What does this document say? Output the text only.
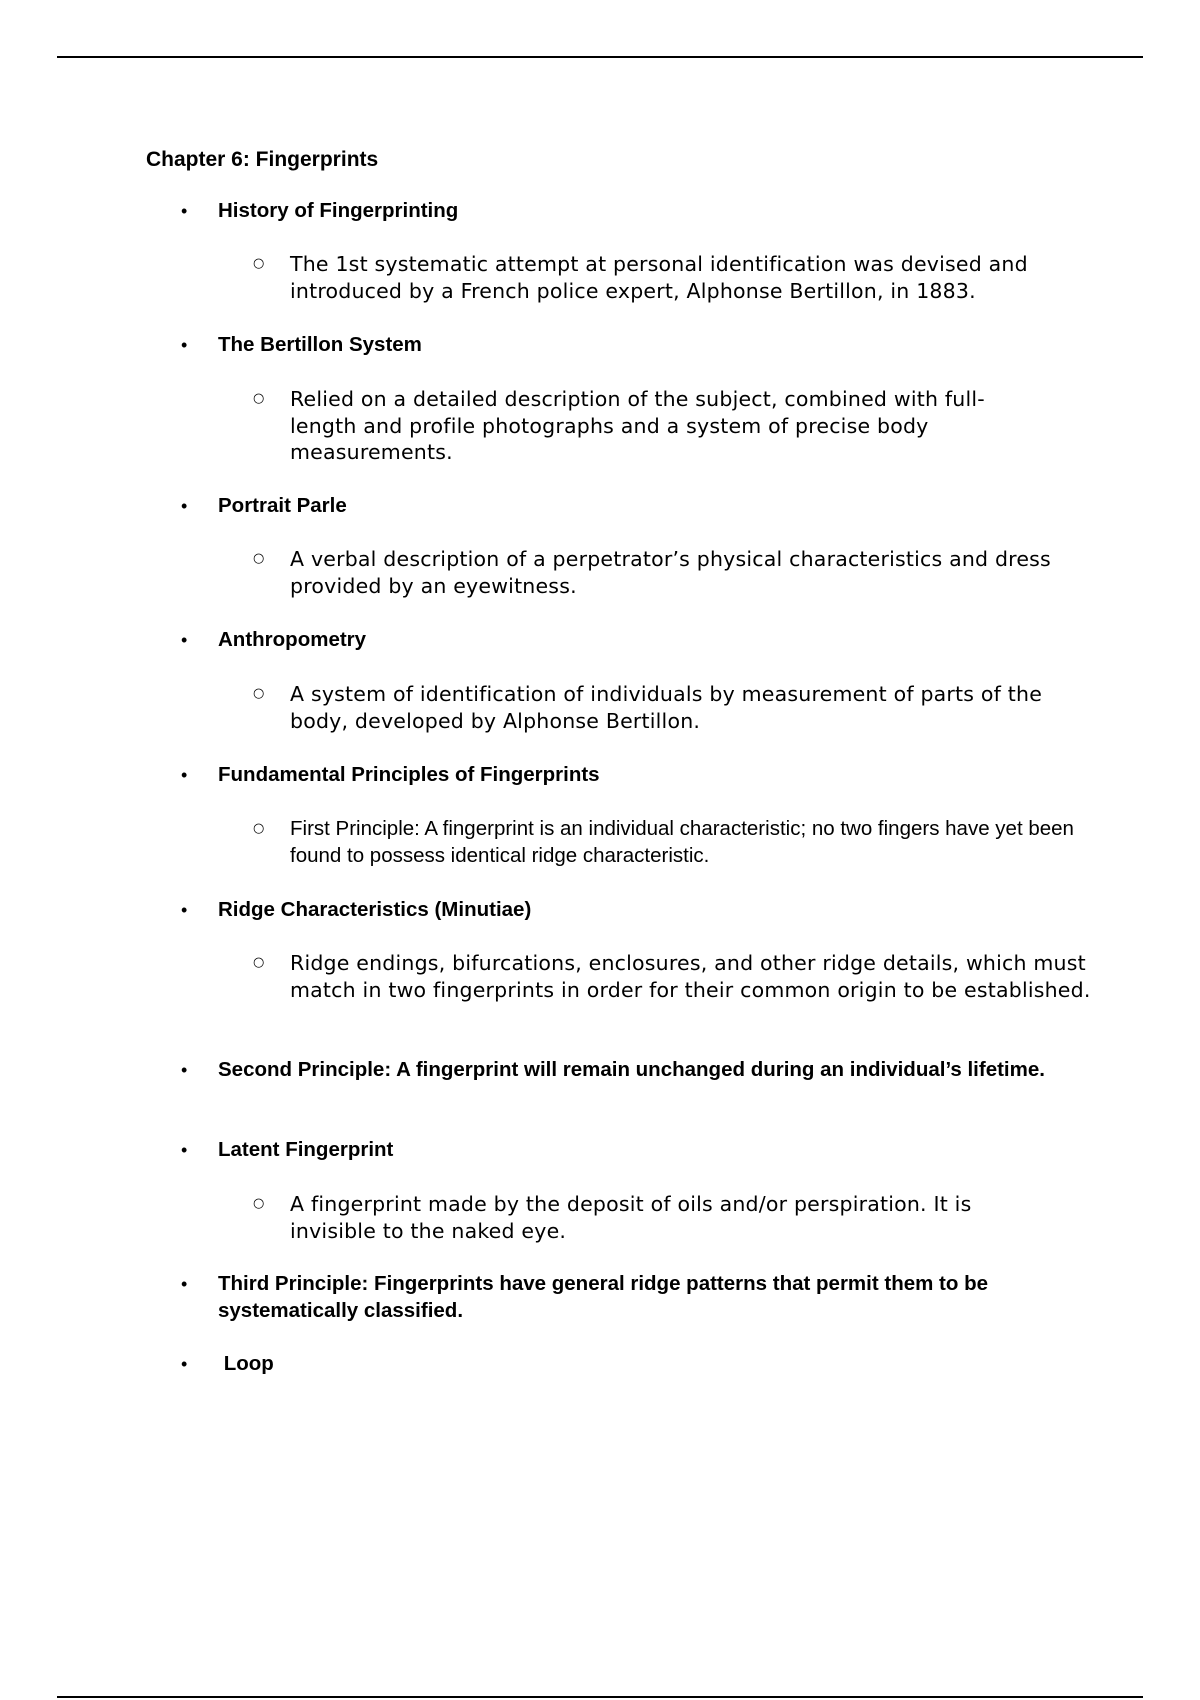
Chapter 6: Fingerprints
• History of Fingerprinting

○ The 1st systematic attempt at personal identification was devised and introduced by a French police expert, Alphonse Bertillon, in 1883.

• The Bertillon System

○ Relied on a detailed description of the subject, combined with full-length and profile photographs and a system of precise body measurements.

• Portrait Parle

○ A verbal description of a perpetrator’s physical characteristics and dress provided by an eyewitness.

• Anthropometry

○ A system of identification of individuals by measurement of parts of the body, developed by Alphonse Bertillon.

• Fundamental Principles of Fingerprints

○ First Principle: A fingerprint is an individual characteristic; no two fingers have yet been found to possess identical ridge characteristic.

• Ridge Characteristics (Minutiae)

○ Ridge endings, bifurcations, enclosures, and other ridge details, which must match in two fingerprints in order for their common origin to be established.

• Second Principle: A fingerprint will remain unchanged during an individual’s lifetime.

• Latent Fingerprint

○ A fingerprint made by the deposit of oils and/or perspiration. It is invisible to the naked eye.

• Third Principle: Fingerprints have general ridge patterns that permit them to be systematically classified.

• Loop
